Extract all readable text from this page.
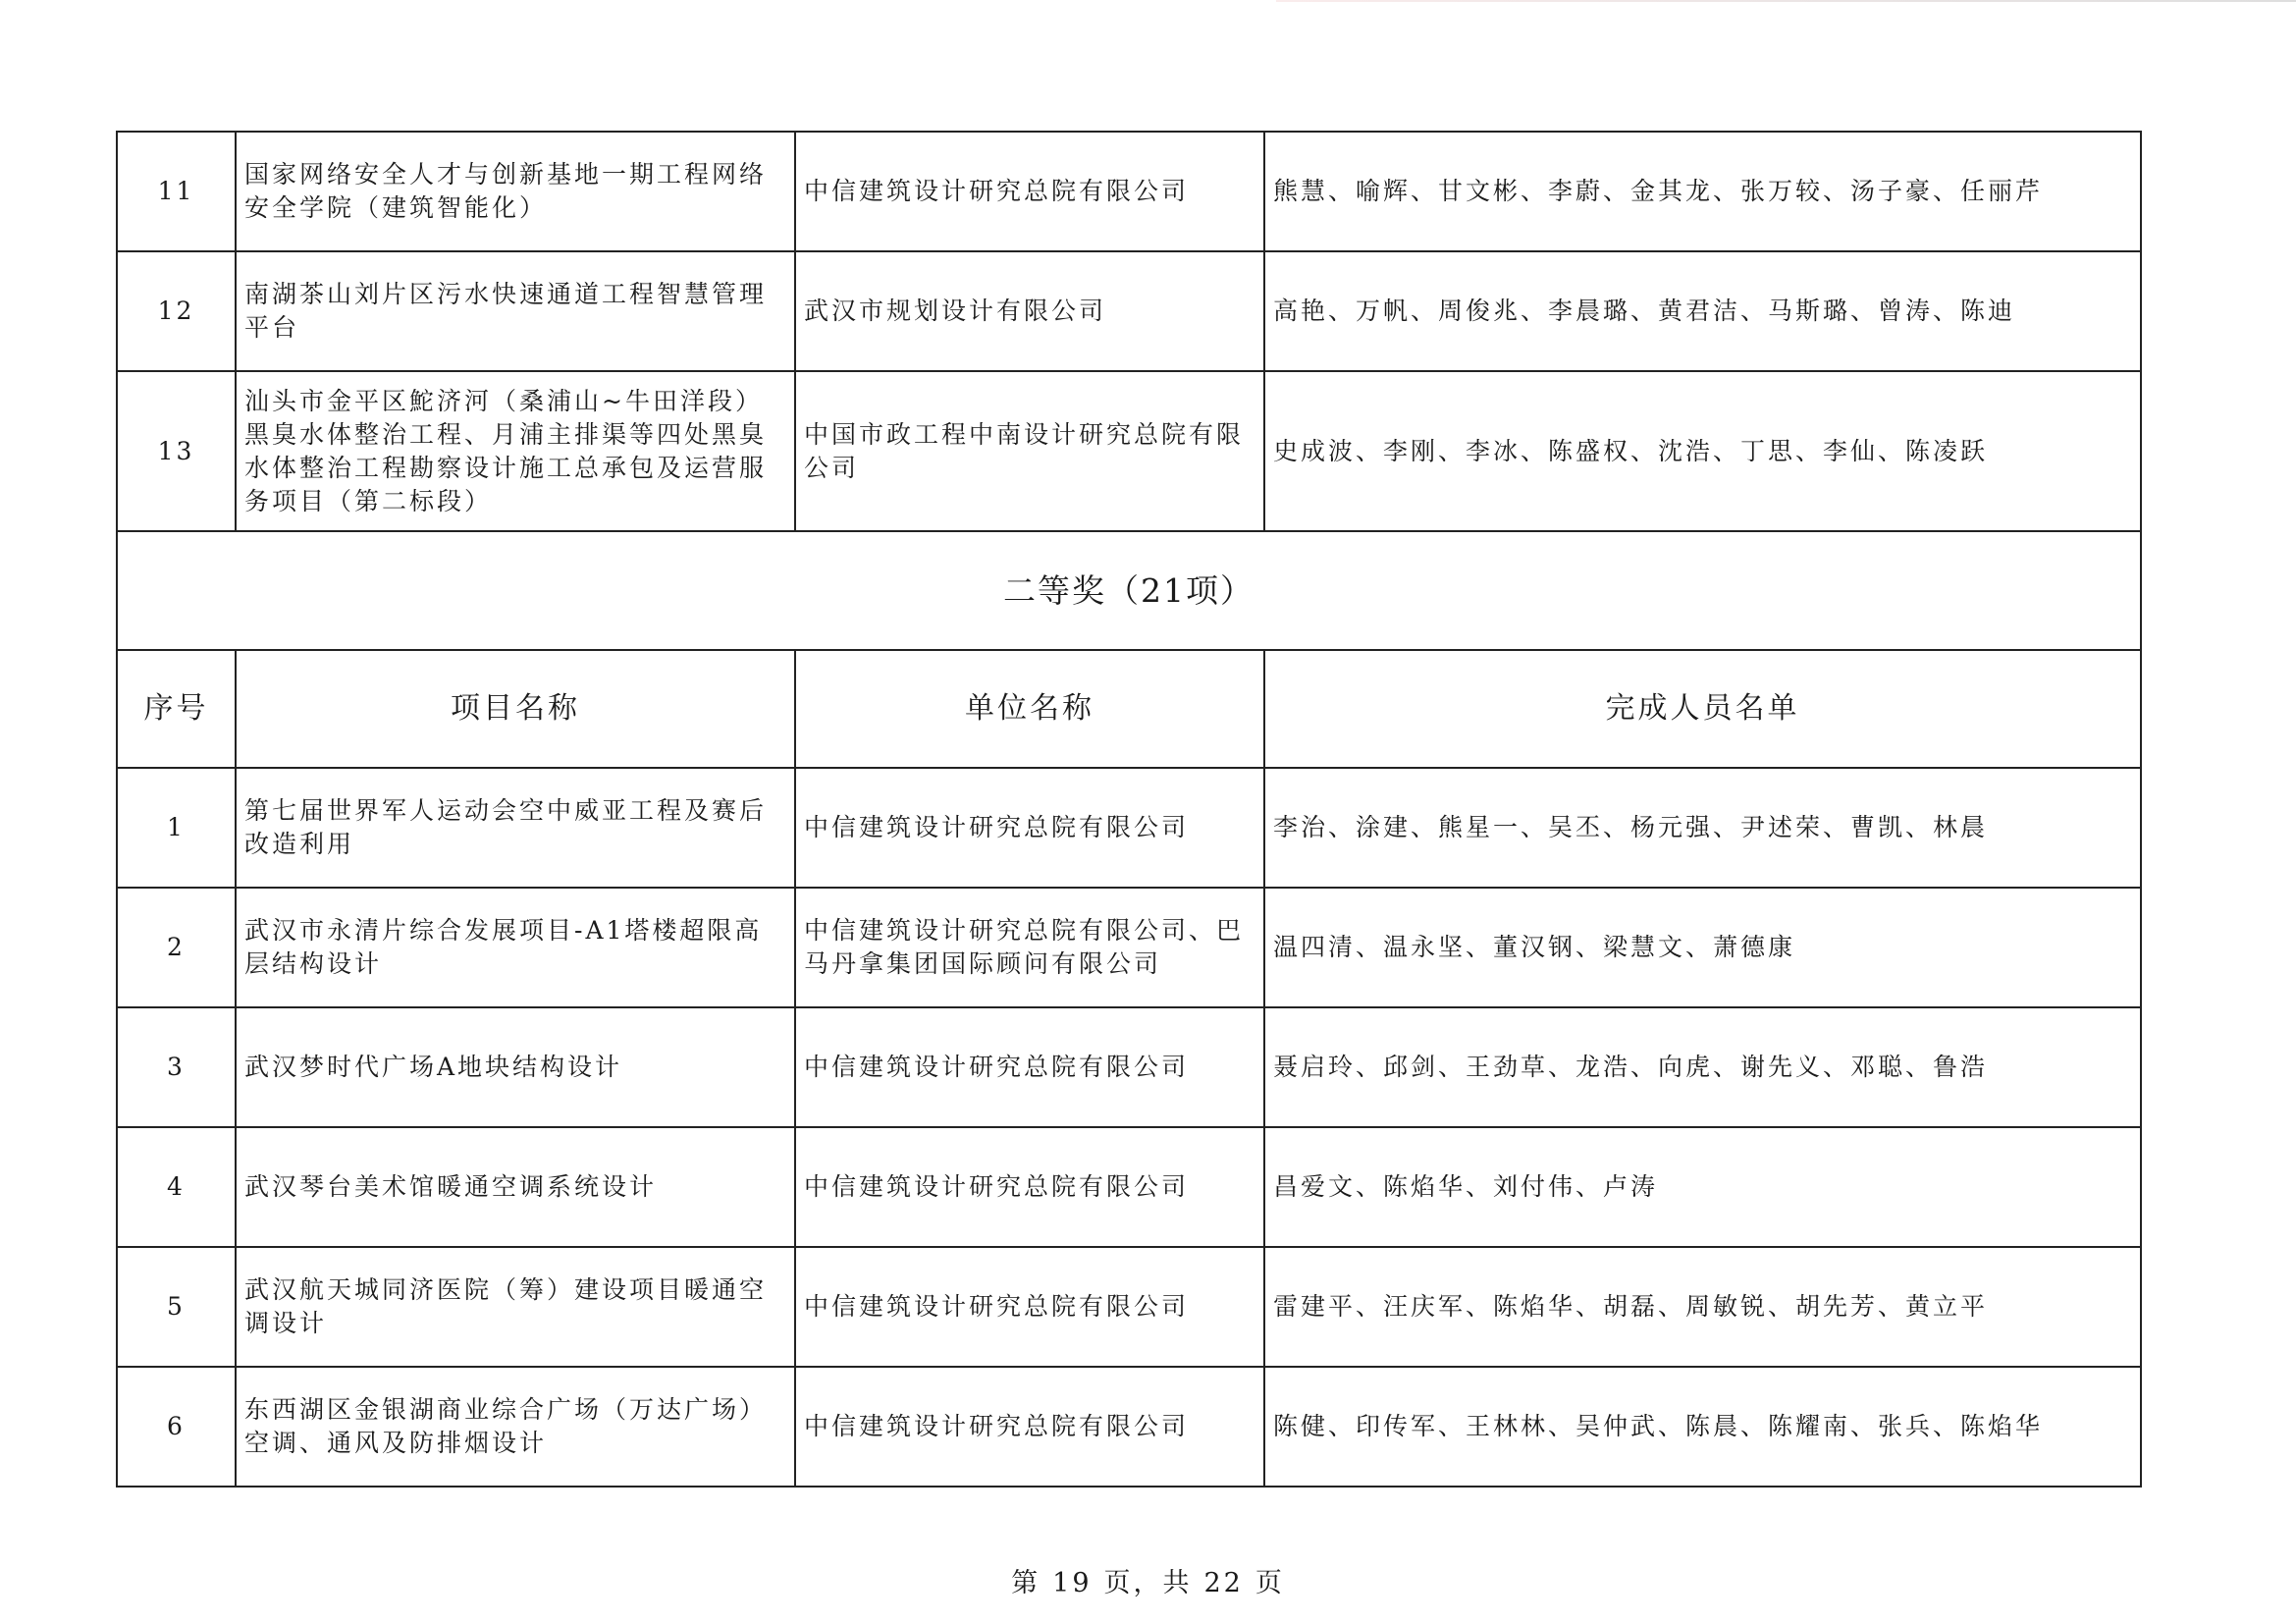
11	国家网络安全人才与创新基地一期工程网络安全学院（建筑智能化）	中信建筑设计研究总院有限公司	熊慧、喻辉、甘文彬、李蔚、金其龙、张万较、汤子豪、任丽芹
12	南湖茶山刘片区污水快速通道工程智慧管理平台	武汉市规划设计有限公司	高艳、万帆、周俊兆、李晨璐、黄君洁、马斯璐、曾涛、陈迪
13	汕头市金平区鮀济河（桑浦山~牛田洋段）黑臭水体整治工程、月浦主排渠等四处黑臭水体整治工程勘察设计施工总承包及运营服务项目（第二标段）	中国市政工程中南设计研究总院有限公司	史成波、李刚、李冰、陈盛权、沈浩、丁思、李仙、陈凌跃
二等奖（21项）			
序号	项目名称	单位名称	完成人员名单
1	第七届世界军人运动会空中威亚工程及赛后改造利用	中信建筑设计研究总院有限公司	李治、涂建、熊星一、吴丕、杨元强、尹述荣、曹凯、林晨
2	武汉市永清片综合发展项目-A1塔楼超限高层结构设计	中信建筑设计研究总院有限公司、巴马丹拿集团国际顾问有限公司	温四清、温永坚、董汉钢、梁慧文、萧德康
3	武汉梦时代广场A地块结构设计	中信建筑设计研究总院有限公司	聂启玲、邱剑、王劲草、龙浩、向虎、谢先义、邓聪、鲁浩
4	武汉琴台美术馆暖通空调系统设计	中信建筑设计研究总院有限公司	昌爱文、陈焰华、刘付伟、卢涛
5	武汉航天城同济医院（筹）建设项目暖通空调设计	中信建筑设计研究总院有限公司	雷建平、汪庆军、陈焰华、胡磊、周敏锐、胡先芳、黄立平
6	东西湖区金银湖商业综合广场（万达广场）空调、通风及防排烟设计	中信建筑设计研究总院有限公司	陈健、印传军、王林林、吴仲武、陈晨、陈耀南、张兵、陈焰华
第 19 页，共 22 页
